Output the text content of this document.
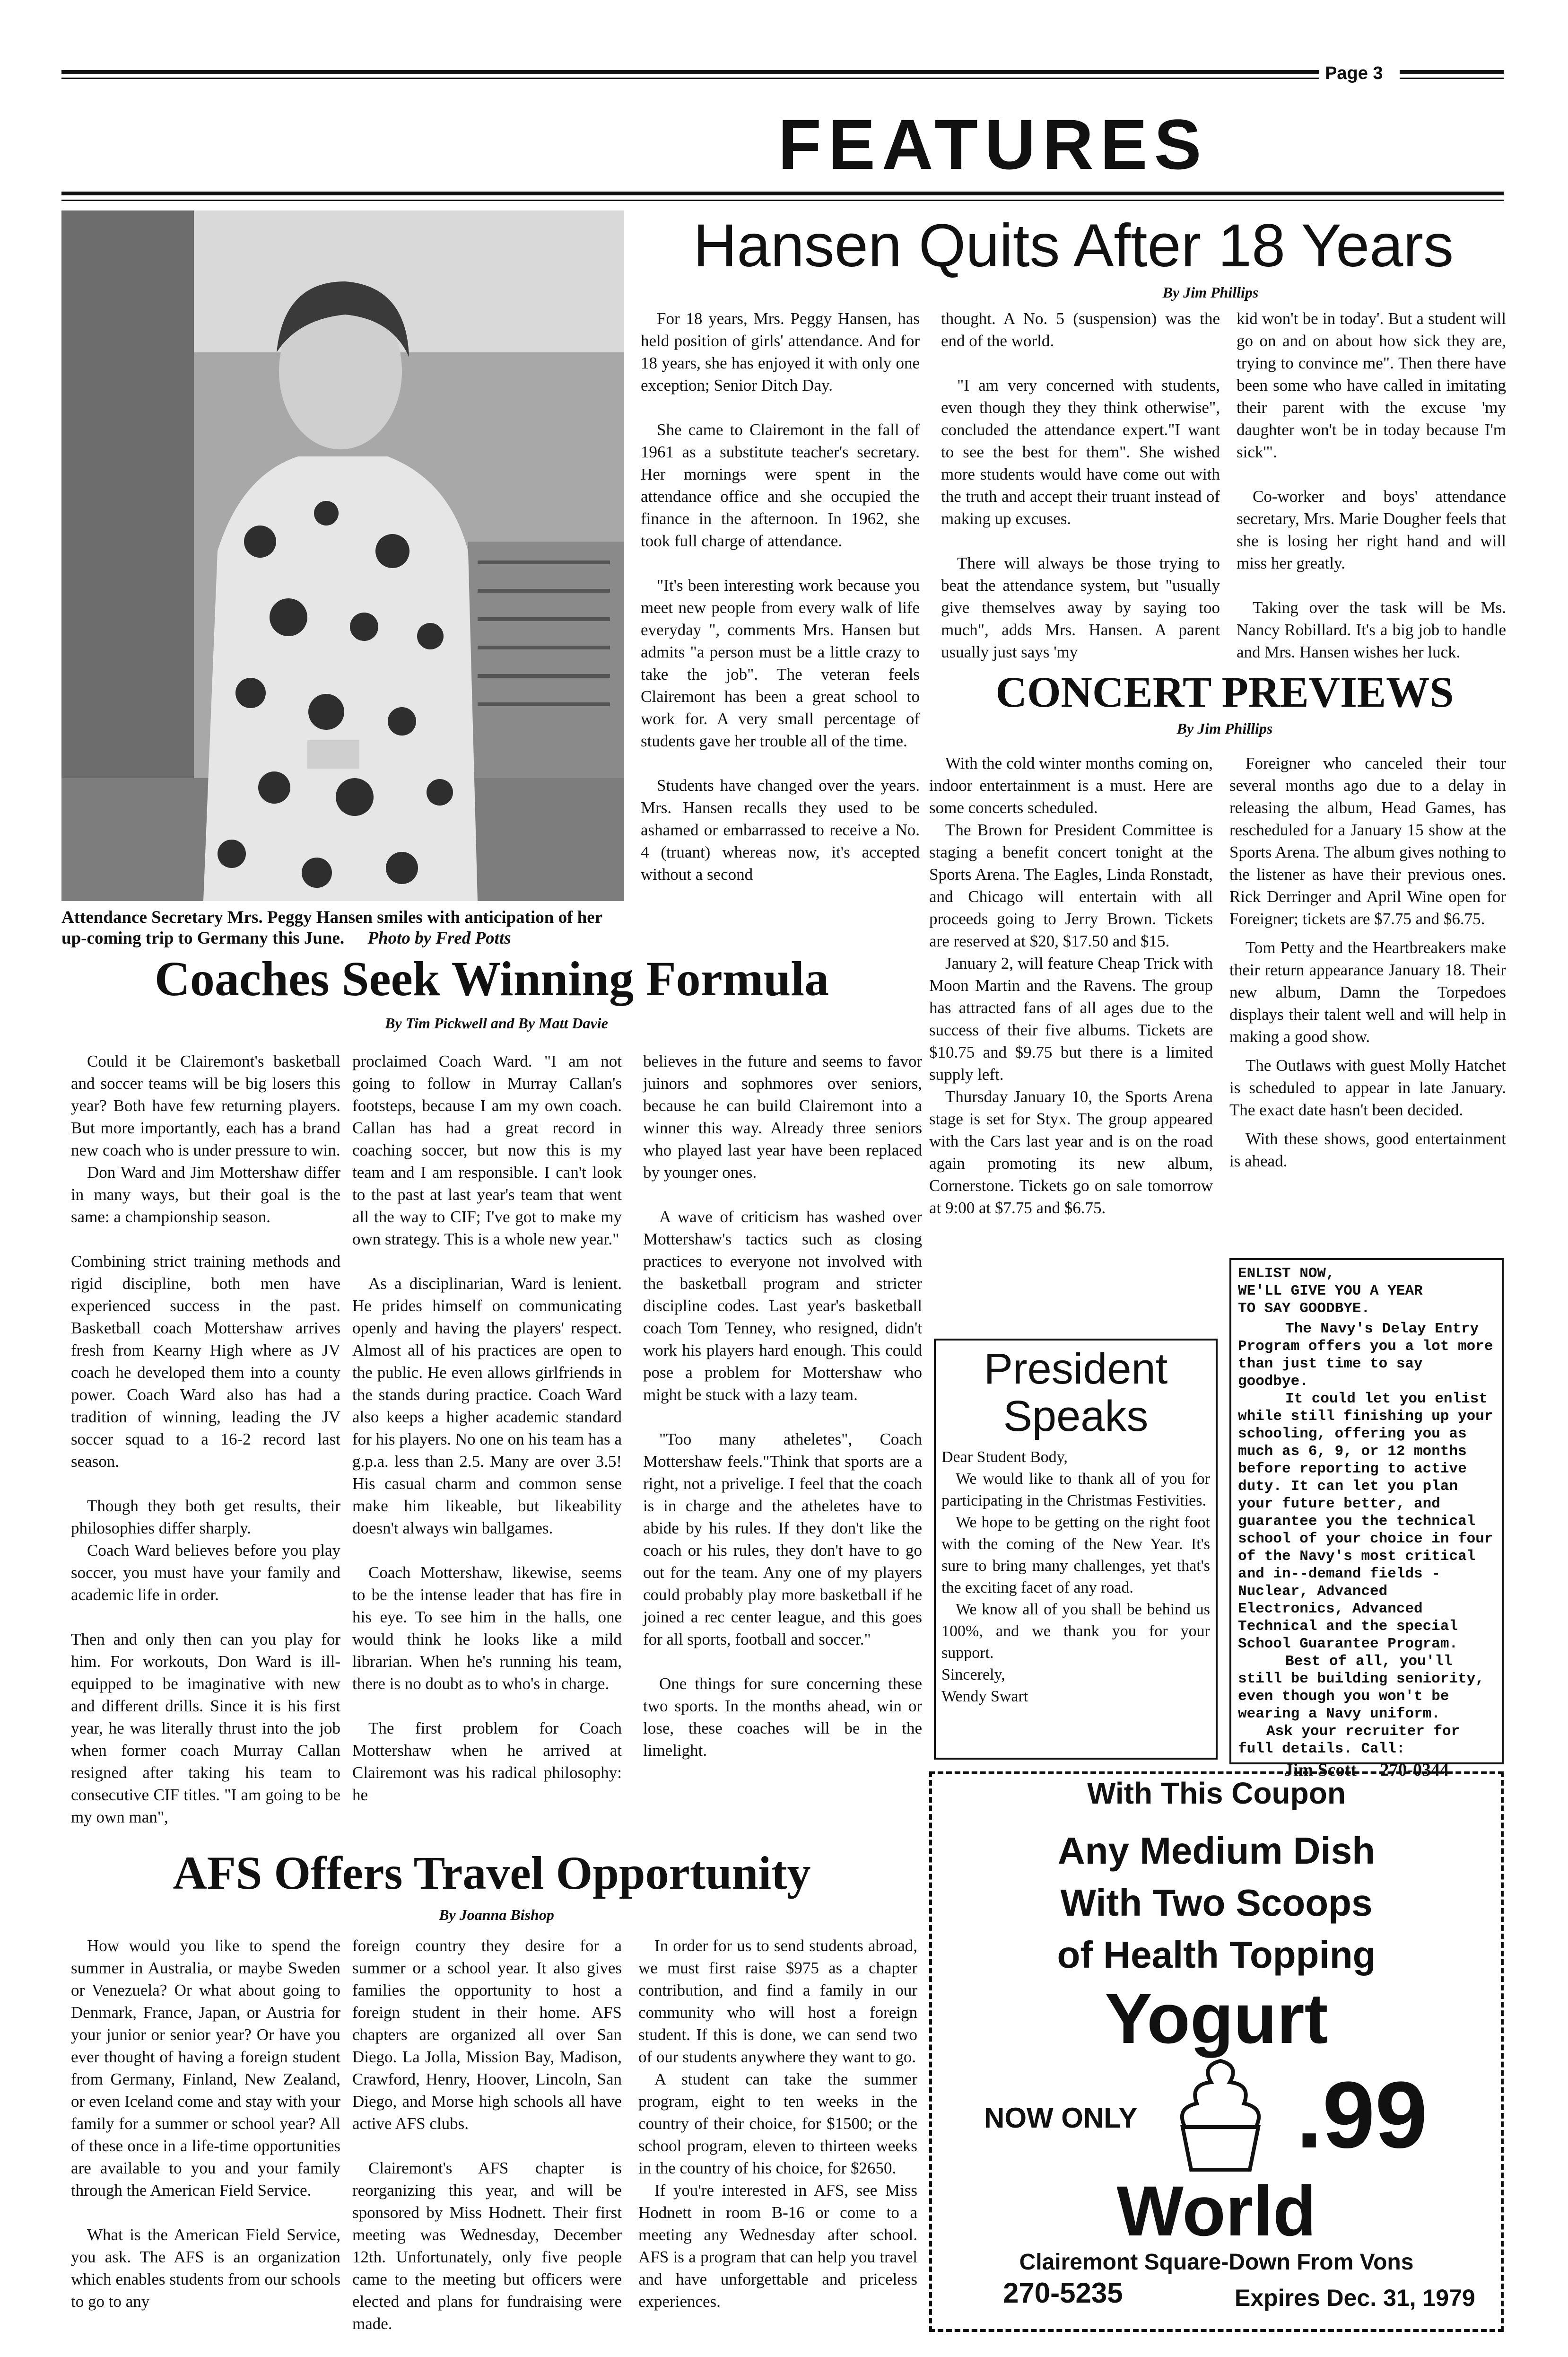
Page 3
FEATURES
Attendance Secretary Mrs. Peggy Hansen smiles with anticipation of her up-coming trip to Germany this June. Photo by Fred Potts
Hansen Quits After 18 Years
By Jim Phillips

For 18 years, Mrs. Peggy Hansen, has held position of girls' attendance. And for 18 years, she has enjoyed it with only one exception; Senior Ditch Day.

She came to Clairemont in the fall of 1961 as a substitute teacher's secretary. Her mornings were spent in the attendance office and she occupied the finance in the afternoon. In 1962, she took full charge of attendance.

"It's been interesting work because you meet new people from every walk of life everyday ", comments Mrs. Hansen but admits "a person must be a little crazy to take the job". The veteran feels Clairemont has been a great school to work for. A very small percentage of students gave her trouble all of the time.

Students have changed over the years. Mrs. Hansen recalls they used to be ashamed or embarrassed to receive a No. 4 (truant) whereas now, it's accepted without a second

thought. A No. 5 (suspension) was the end of the world.

"I am very concerned with students, even though they they think otherwise", concluded the attendance expert."I want to see the best for them". She wished more students would have come out with the truth and accept their truant instead of making up excuses.

There will always be those trying to beat the attendance system, but "usually give themselves away by saying too much", adds Mrs. Hansen. A parent usually just says 'my

kid won't be in today'. But a student will go on and on about how sick they are, trying to convince me". Then there have been some who have called in imitating their parent with the excuse 'my daughter won't be in today because I'm sick'".

Co-worker and boys' attendance secretary, Mrs. Marie Dougher feels that she is losing her right hand and will miss her greatly.

Taking over the task will be Ms. Nancy Robillard. It's a big job to handle and Mrs. Hansen wishes her luck.

CONCERT PREVIEWS
By Jim Phillips

With the cold winter months coming on, indoor entertainment is a must. Here are some concerts scheduled.

The Brown for President Committee is staging a benefit concert tonight at the Sports Arena. The Eagles, Linda Ronstadt, and Chicago will entertain with all proceeds going to Jerry Brown. Tickets are reserved at $20, $17.50 and $15.

January 2, will feature Cheap Trick with Moon Martin and the Ravens. The group has attracted fans of all ages due to the success of their five albums. Tickets are $10.75 and $9.75 but there is a limited supply left.

Thursday January 10, the Sports Arena stage is set for Styx. The group appeared with the Cars last year and is on the road again promoting its new album, Cornerstone. Tickets go on sale tomorrow at 9:00 at $7.75 and $6.75.

Foreigner who canceled their tour several months ago due to a delay in releasing the album, Head Games, has rescheduled for a January 15 show at the Sports Arena. The album gives nothing to the listener as have their previous ones. Rick Derringer and April Wine open for Foreigner; tickets are $7.75 and $6.75.

Tom Petty and the Heartbreakers make their return appearance January 18. Their new album, Damn the Torpedoes displays their talent well and will help in making a good show.

The Outlaws with guest Molly Hatchet is scheduled to appear in late January. The exact date hasn't been decided.

With these shows, good entertainment is ahead.

Coaches Seek Winning Formula
By Tim Pickwell and By Matt Davie

Could it be Clairemont's basketball and soccer teams will be big losers this year? Both have few returning players. But more importantly, each has a brand new coach who is under pressure to win.

Don Ward and Jim Mottershaw differ in many ways, but their goal is the same: a championship season.

Combining strict training methods and rigid discipline, both men have experienced success in the past. Basketball coach Mottershaw arrives fresh from Kearny High where as JV coach he developed them into a county power. Coach Ward also has had a tradition of winning, leading the JV soccer squad to a 16-2 record last season.

Though they both get results, their philosophies differ sharply.

Coach Ward believes before you play soccer, you must have your family and academic life in order.

Then and only then can you play for him. For workouts, Don Ward is ill-equipped to be imaginative with new and different drills. Since it is his first year, he was literally thrust into the job when former coach Murray Callan resigned after taking his team to consecutive CIF titles. "I am going to be my own man",

proclaimed Coach Ward. "I am not going to follow in Murray Callan's footsteps, because I am my own coach. Callan has had a great record in coaching soccer, but now this is my team and I am responsible. I can't look to the past at last year's team that went all the way to CIF; I've got to make my own strategy. This is a whole new year."

As a disciplinarian, Ward is lenient. He prides himself on communicating openly and having the players' respect. Almost all of his practices are open to the public. He even allows girlfriends in the stands during practice. Coach Ward also keeps a higher academic standard for his players. No one on his team has a g.p.a. less than 2.5. Many are over 3.5! His casual charm and common sense make him likeable, but likeability doesn't always win ballgames.

Coach Mottershaw, likewise, seems to be the intense leader that has fire in his eye. To see him in the halls, one would think he looks like a mild librarian. When he's running his team, there is no doubt as to who's in charge.

The first problem for Coach Mottershaw when he arrived at Clairemont was his radical philosophy: he

believes in the future and seems to favor juinors and sophmores over seniors, because he can build Clairemont into a winner this way. Already three seniors who played last year have been replaced by younger ones.

A wave of criticism has washed over Mottershaw's tactics such as closing practices to everyone not involved with the basketball program and stricter discipline codes. Last year's basketball coach Tom Tenney, who resigned, didn't work his players hard enough. This could pose a problem for Mottershaw who might be stuck with a lazy team.

"Too many atheletes", Coach Mottershaw feels."Think that sports are a right, not a privelige. I feel that the coach is in charge and the atheletes have to abide by his rules. If they don't like the coach or his rules, they don't have to go out for the team. Any one of my players could probably play more basketball if he joined a rec center league, and this goes for all sports, football and soccer."

One things for sure concerning these two sports. In the months ahead, win or lose, these coaches will be in the limelight.

President
Speaks
Dear Student Body,
We would like to thank all of you for participating in the Christmas Festivities.
We hope to be getting on the right foot with the coming of the New Year. It's sure to bring many challenges, yet that's the exciting facet of any road.
We know all of you shall be behind us 100%, and we thank you for your support.
Sincerely,
Wendy Swart
ENLIST NOW,
WE'LL GIVE YOU A YEAR
TO SAY GOODBYE.
The Navy's Delay Entry Program offers you a lot more than just time to say goodbye.
It could let you enlist while still finishing up your schooling, offering you as much as 6, 9, or 12 months before reporting to active duty. It can let you plan your future better, and guarantee you the technical school of your choice in four of the Navy's most critical and in--demand fields - Nuclear, Advanced Electronics, Advanced Technical and the special School Guarantee Program.
Best of all, you'll still be building seniority, even though you won't be wearing a Navy uniform.
Ask your recruiter for full details. Call:
Jim Scott 270-0344
AFS Offers Travel Opportunity
By Joanna Bishop

How would you like to spend the summer in Australia, or maybe Sweden or Venezuela? Or what about going to Denmark, France, Japan, or Austria for your junior or senior year? Or have you ever thought of having a foreign student from Germany, Finland, New Zealand, or even Iceland come and stay with your family for a summer or school year? All of these once in a life-time opportunities are available to you and your family through the American Field Service.

What is the American Field Service, you ask. The AFS is an organization which enables students from our schools to go to any

foreign country they desire for a summer or a school year. It also gives families the opportunity to host a foreign student in their home. AFS chapters are organized all over San Diego. La Jolla, Mission Bay, Madison, Crawford, Henry, Hoover, Lincoln, San Diego, and Morse high schools all have active AFS clubs.

Clairemont's AFS chapter is reorganizing this year, and will be sponsored by Miss Hodnett. Their first meeting was Wednesday, December 12th. Unfortunately, only five people came to the meeting but officers were elected and plans for fundraising were made.

In order for us to send students abroad, we must first raise $975 as a chapter contribution, and find a family in our community who will host a foreign student. If this is done, we can send two of our students anywhere they want to go.

A student can take the summer program, eight to ten weeks in the country of their choice, for $1500; or the school program, eleven to thirteen weeks in the country of his choice, for $2650.

If you're interested in AFS, see Miss Hodnett in room B-16 or come to a meeting any Wednesday after school. AFS is a program that can help you travel and have unforgettable and priceless experiences.

With This Coupon
Any Medium Dish
With Two Scoops
of Health Topping
Yogurt
NOW ONLY .99
World
Clairemont Square-Down From Vons
270-5235	Expires Dec. 31, 1979
